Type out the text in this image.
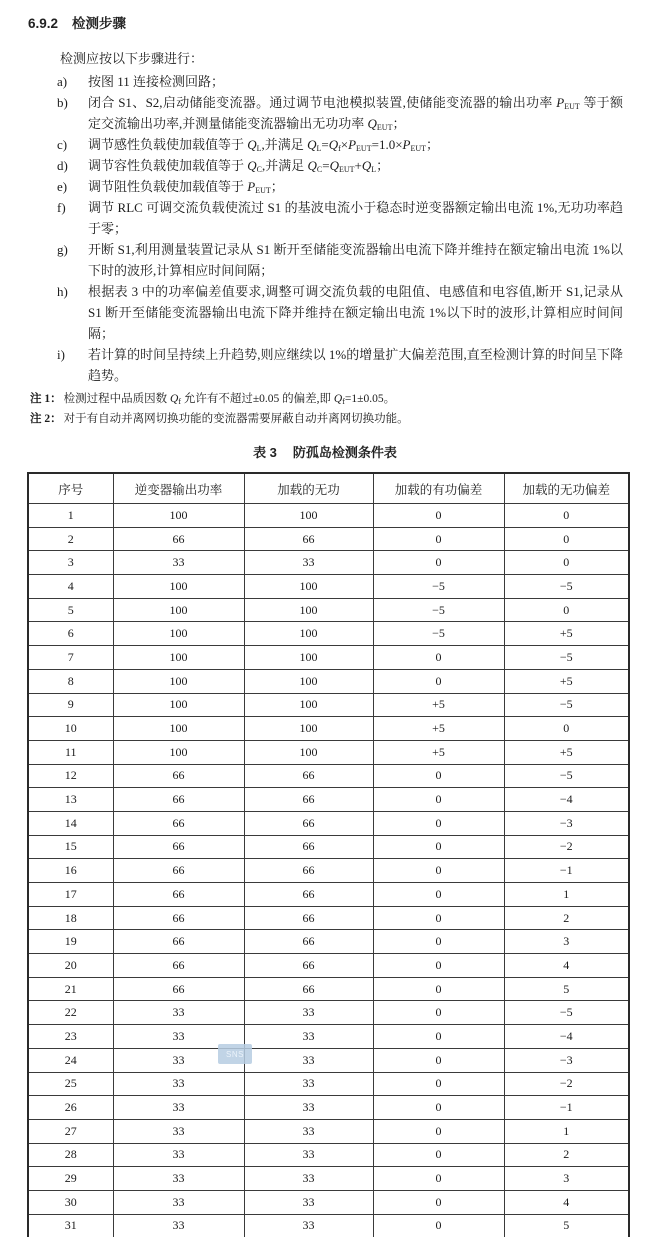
6.9.2 检测步骤

检测应按以下步骤进行：

a)	按图 11 连接检测回路；
b)	闭合 S1、S2,启动储能变流器。通过调节电池模拟装置,使储能变流器的输出功率 $P_{EUT}$ 等于额定交流输出功率,并测量储能变流器输出无功功率 $Q_{EUT}$；
c)	调节感性负载使加载值等于 $Q_L$,并满足 $Q_L=Q_f\times P_{EUT}=1.0\times P_{EUT}$；
d)	调节容性负载使加载值等于 $Q_C$,并满足 $Q_C=Q_{EUT}+Q_L$；
e)	调节阻性负载使加载值等于 $P_{EUT}$；
f)	调节 RLC 可调交流负载使流过 S1 的基波电流小于稳态时逆变器额定输出电流 1%,无功功率趋于零；
g)	开断 S1,利用测量装置记录从 S1 断开至储能变流器输出电流下降并维持在额定输出电流 1%以下时的波形,计算相应时间间隔；
h)	根据表 3 中的功率偏差值要求,调整可调交流负载的电阻值、电感值和电容值,断开 S1,记录从 S1 断开至储能变流器输出电流下降并维持在额定输出电流 1%以下时的波形,计算相应时间间隔；
i)	若计算的时间呈持续上升趋势,则应继续以 1%的增量扩大偏差范围,直至检测计算的时间呈下降趋势。
注 1： 检测过程中品质因数 $Q_f$ 允许有不超过±0.05 的偏差,即 $Q_f=1\pm 0.05$。
注 2： 对于有自动并离网切换功能的变流器需要屏蔽自动并离网切换功能。
表 3 防孤岛检测条件表
序号	逆变器输出功率	加载的无功	加载的有功偏差	加载的无功偏差
1	100	100	0	0
2	66	66	0	0
3	33	33	0	0
4	100	100	−5	−5
5	100	100	−5	0
6	100	100	−5	+5
7	100	100	0	−5
8	100	100	0	+5
9	100	100	+5	−5
10	100	100	+5	0
11	100	100	+5	+5
12	66	66	0	−5
13	66	66	0	−4
14	66	66	0	−3
15	66	66	0	−2
16	66	66	0	−1
17	66	66	0	1
18	66	66	0	2
19	66	66	0	3
20	66	66	0	4
21	66	66	0	5
22	33	33	0	−5
23	33	33	0	−4
24	33	33	0	−3
25	33	33	0	−2
26	33	33	0	−1
27	33	33	0	1
28	33	33	0	2
29	33	33	0	3
30	33	33	0	4
31	33	33	0	5
SNS
